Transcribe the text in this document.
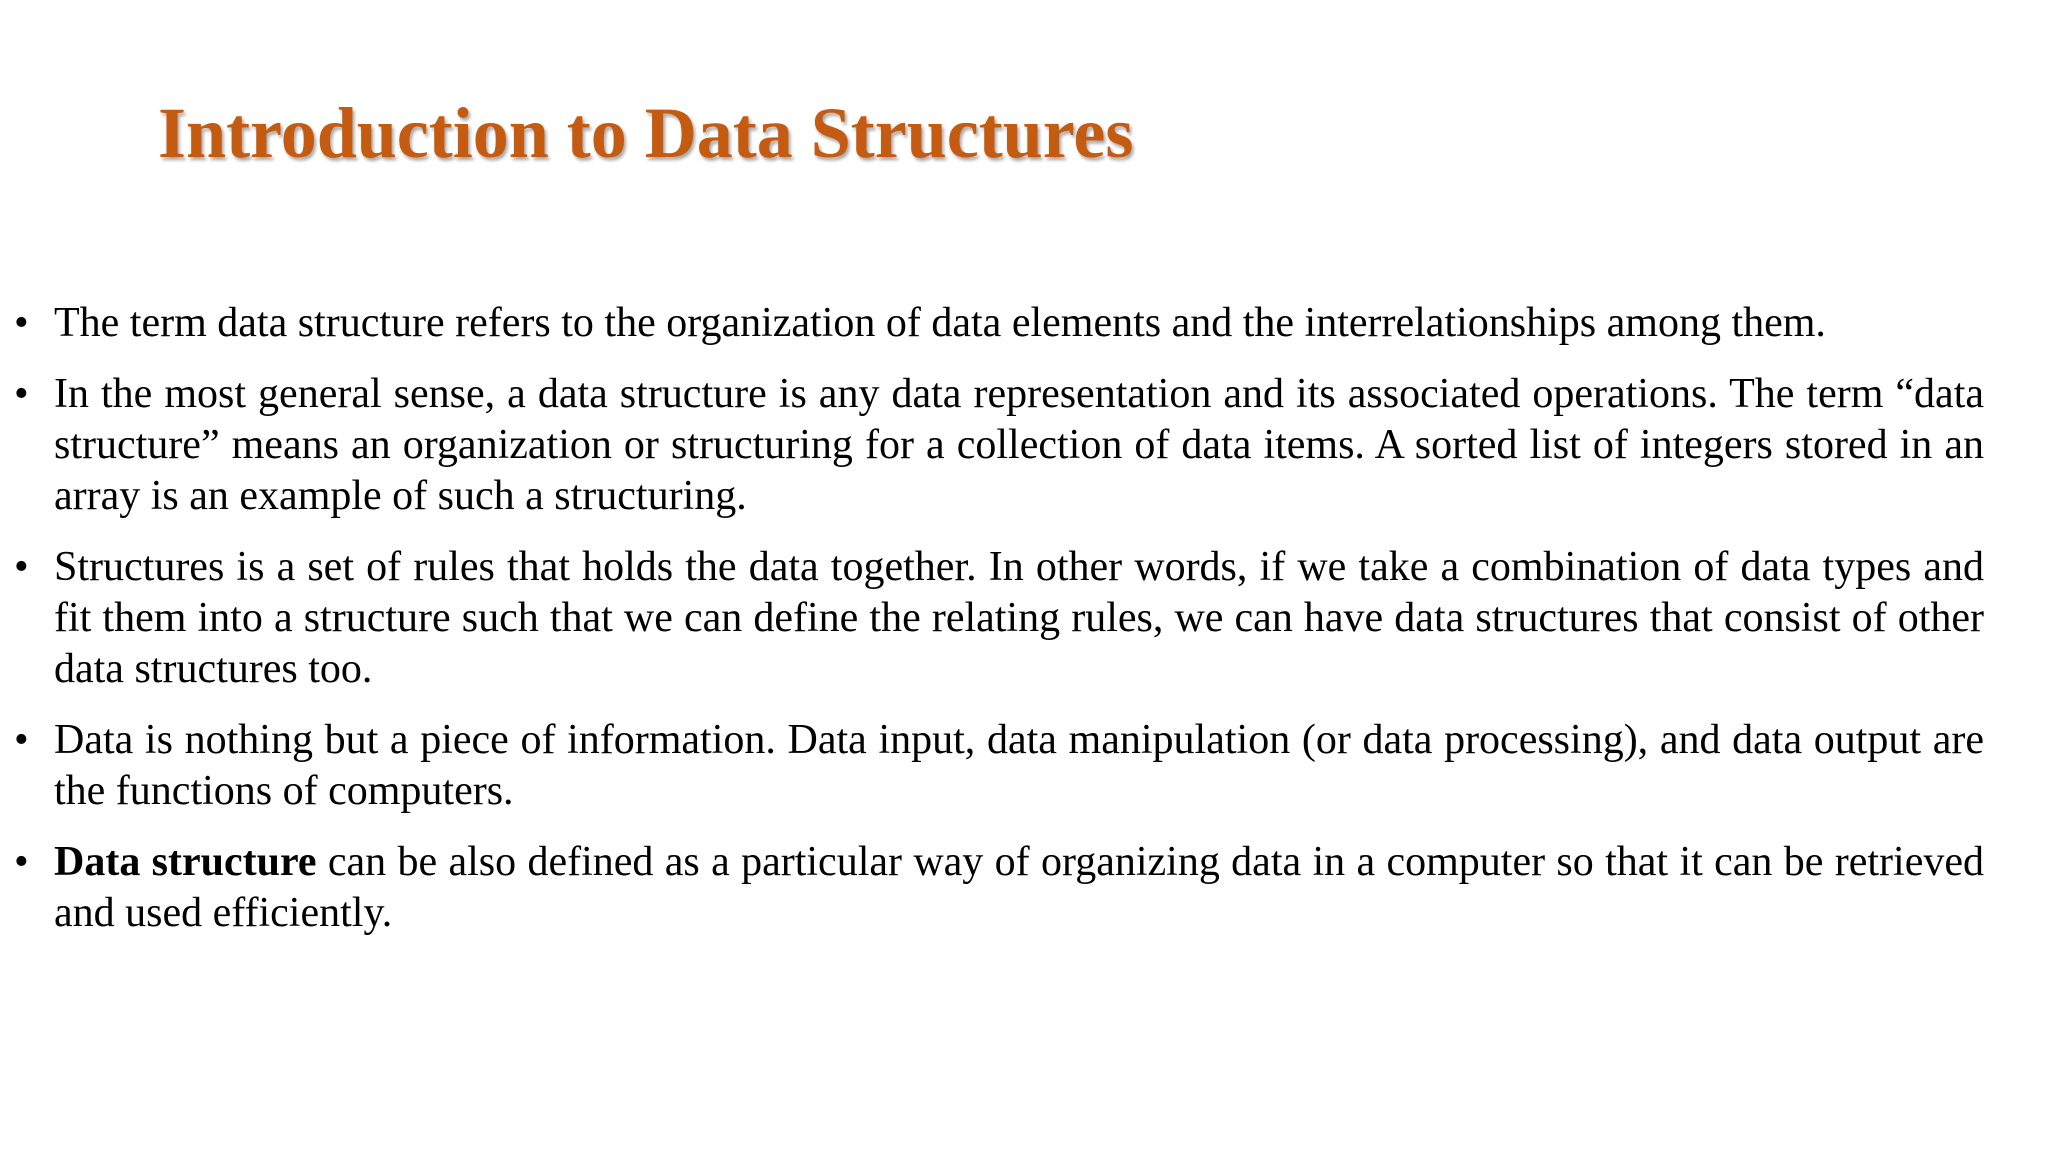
Introduction to Data Structures
• The term data structure refers to the organization of data elements and the interrelationships among them.
• In the most general sense, a data structure is any data representation and its associated operations. The term “data structure” means an organization or structuring for a collection of data items. A sorted list of integers stored in an array is an example of such a structuring.
• Structures is a set of rules that holds the data together. In other words, if we take a combination of data types and fit them into a structure such that we can define the relating rules, we can have data structures that consist of other data structures too.
• Data is nothing but a piece of information. Data input, data manipulation (or data processing), and data output are the functions of computers.
• Data structure can be also defined as a particular way of organizing data in a computer so that it can be retrieved and used efficiently.
